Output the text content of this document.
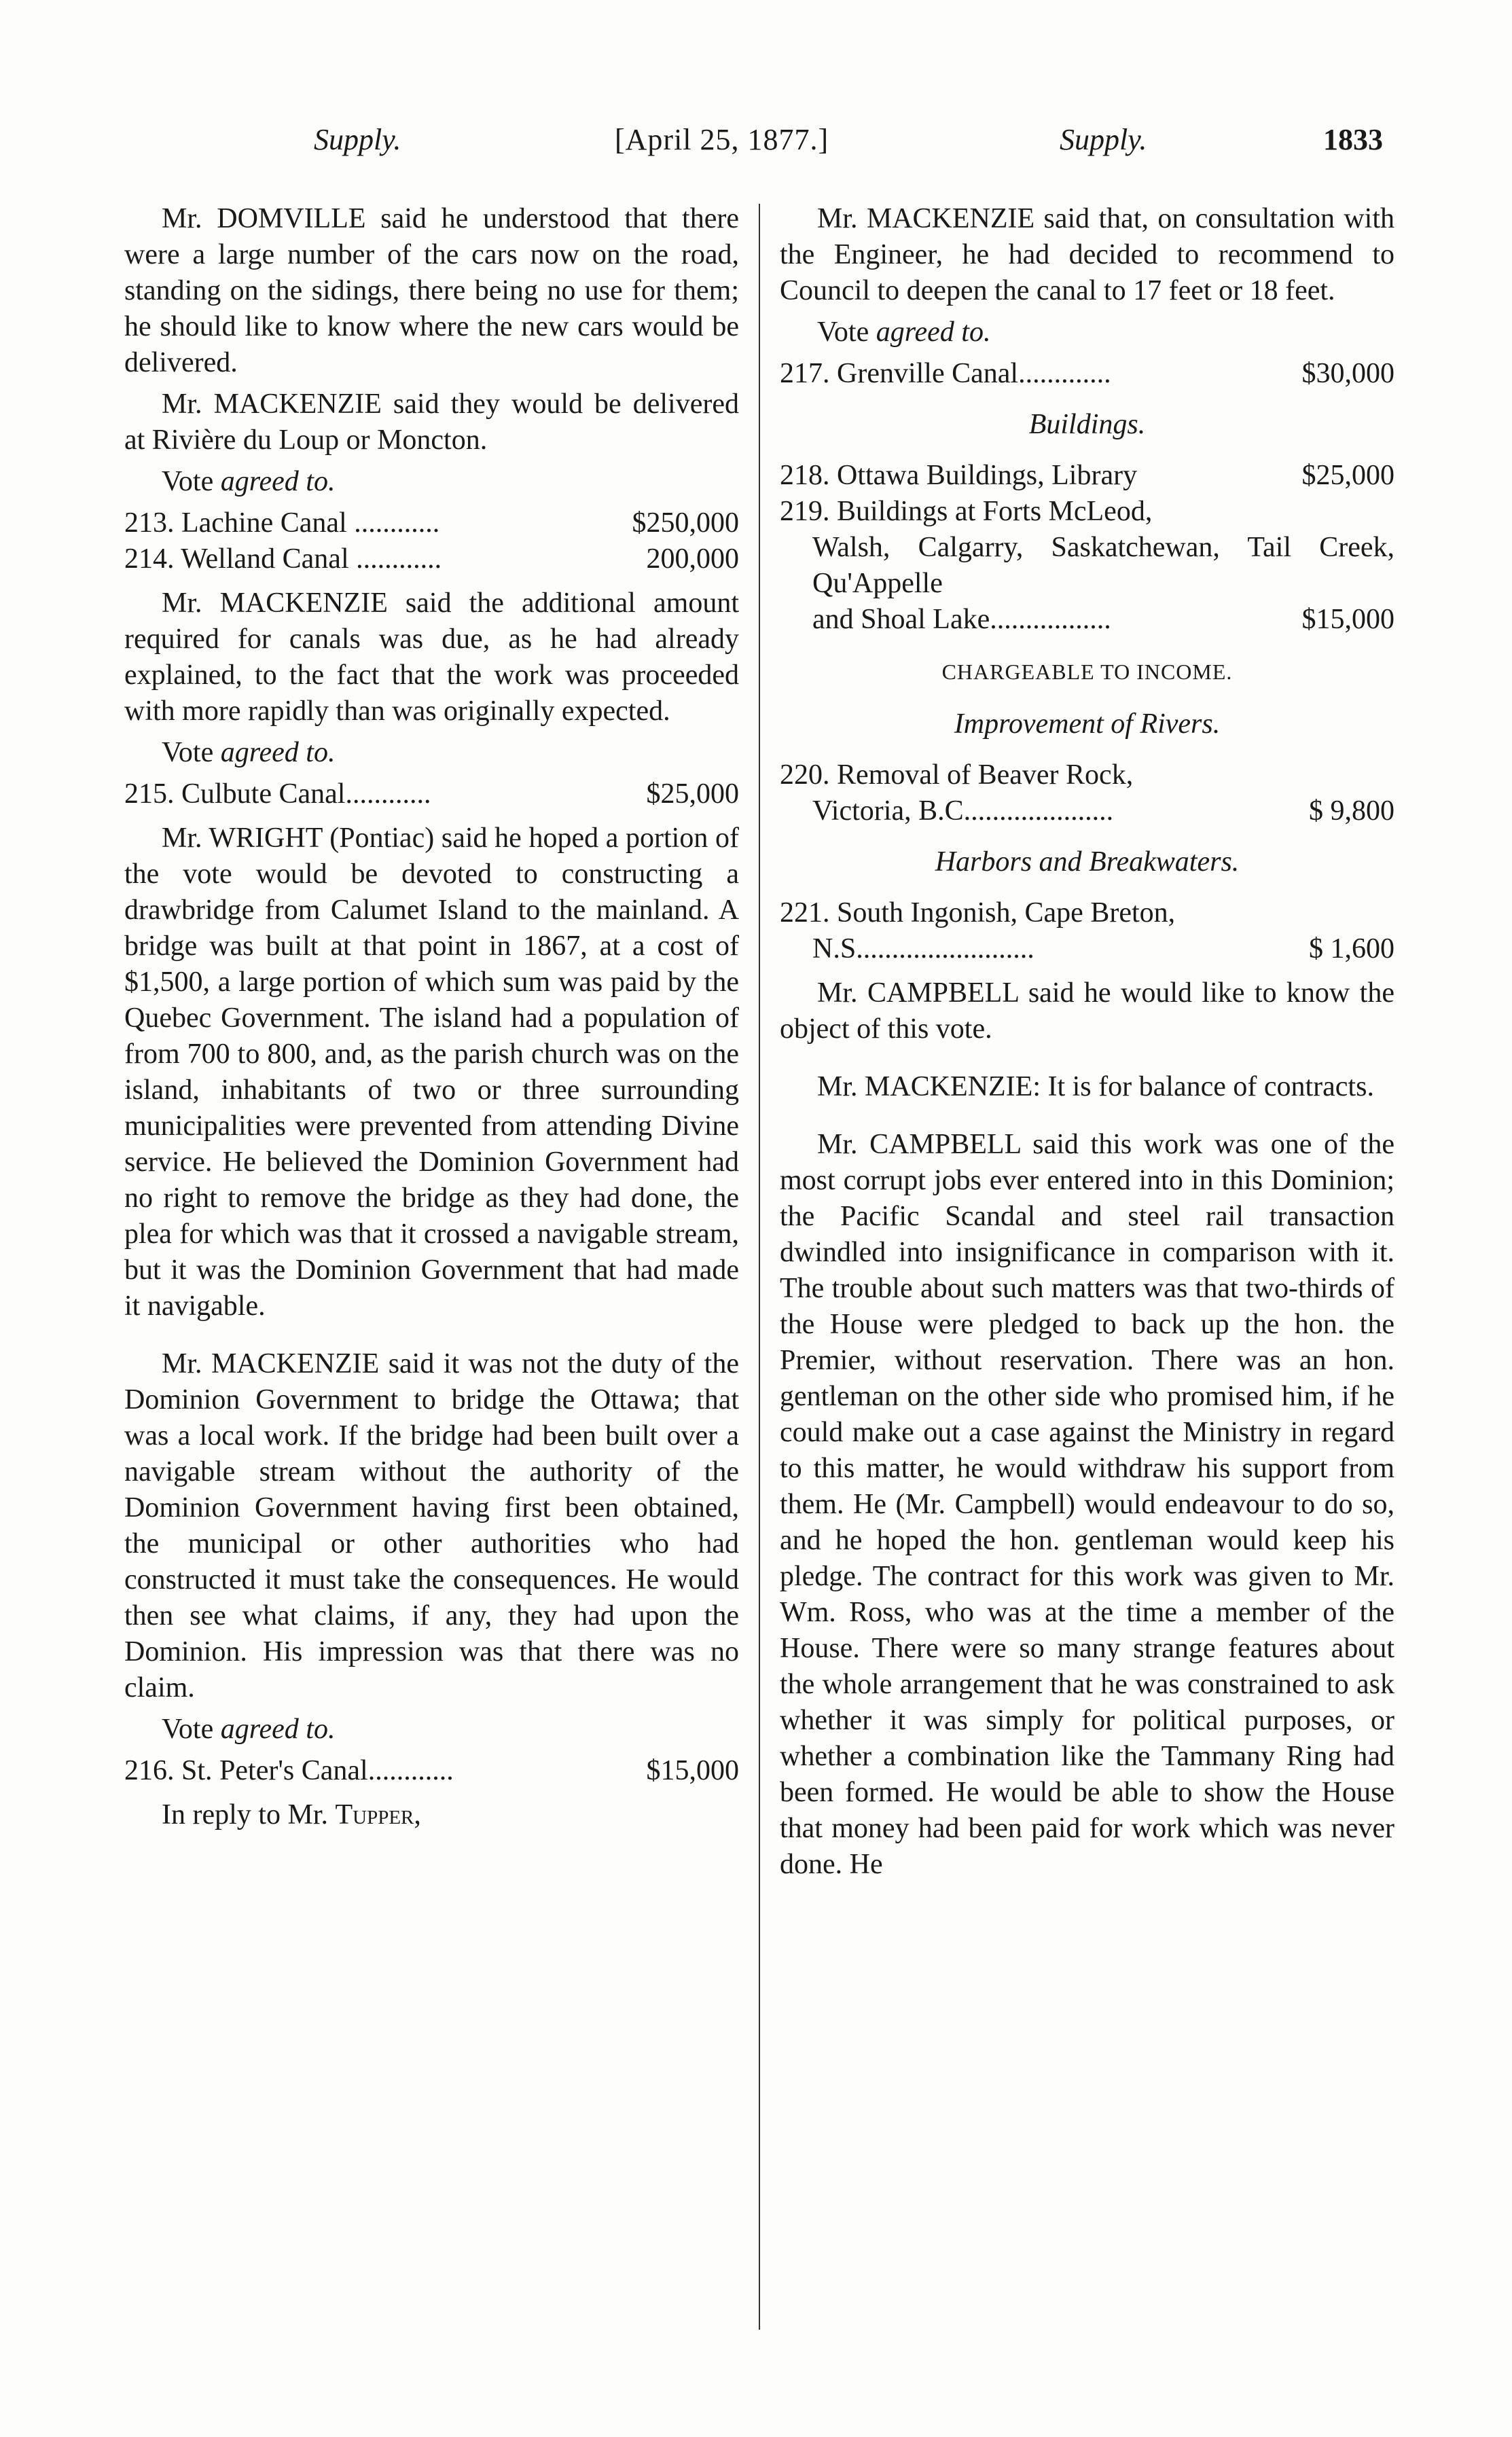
Supply.	[April 25, 1877.]	Supply.	1833

Mr. DOMVILLE said he understood that there were a large number of the cars now on the road, standing on the sidings, there being no use for them; he should like to know where the new cars would be delivered.

Mr. MACKENZIE said they would be delivered at Rivière du Loup or Moncton.

Vote agreed to.
213. Lachine Canal ............	$250,000
214. Welland Canal ............	200,000

Mr. MACKENZIE said the additional amount required for canals was due, as he had already explained, to the fact that the work was proceeded with more rapidly than was originally expected.

Vote agreed to.
215. Culbute Canal............	$25,000

Mr. WRIGHT (Pontiac) said he hoped a portion of the vote would be devoted to constructing a drawbridge from Calumet Island to the mainland. A bridge was built at that point in 1867, at a cost of $1,500, a large portion of which sum was paid by the Quebec Government. The island had a population of from 700 to 800, and, as the parish church was on the island, inhabitants of two or three surrounding municipalities were prevented from attending Divine service. He believed the Dominion Government had no right to remove the bridge as they had done, the plea for which was that it crossed a navigable stream, but it was the Dominion Government that had made it navigable.

Mr. MACKENZIE said it was not the duty of the Dominion Government to bridge the Ottawa; that was a local work. If the bridge had been built over a navigable stream without the authority of the Dominion Government having first been obtained, the municipal or other authorities who had constructed it must take the consequences. He would then see what claims, if any, they had upon the Dominion. His impression was that there was no claim.

Vote agreed to.
216. St. Peter's Canal............	$15,000

In reply to Mr. Tupper,

Mr. MACKENZIE said that, on consultation with the Engineer, he had decided to recommend to Council to deepen the canal to 17 feet or 18 feet.

Vote agreed to.
217. Grenville Canal.............	$30,000
Buildings.
218. Ottawa Buildings, Library	$25,000
219. Buildings at Forts McLeod,
Walsh, Calgarry, Saskatchewan, Tail Creek, Qu'Appelle
and Shoal Lake.................	$15,000
CHARGEABLE TO INCOME.
Improvement of Rivers.
220. Removal of Beaver Rock,
Victoria, B.C.....................	$ 9,800
Harbors and Breakwaters.
221. South Ingonish, Cape Breton,
N.S.........................	$ 1,600

Mr. CAMPBELL said he would like to know the object of this vote.

Mr. MACKENZIE: It is for balance of contracts.

Mr. CAMPBELL said this work was one of the most corrupt jobs ever entered into in this Dominion; the Pacific Scandal and steel rail transaction dwindled into insignificance in comparison with it. The trouble about such matters was that two-thirds of the House were pledged to back up the hon. the Premier, without reservation. There was an hon. gentleman on the other side who promised him, if he could make out a case against the Ministry in regard to this matter, he would withdraw his support from them. He (Mr. Campbell) would endeavour to do so, and he hoped the hon. gentleman would keep his pledge. The contract for this work was given to Mr. Wm. Ross, who was at the time a member of the House. There were so many strange features about the whole arrangement that he was constrained to ask whether it was simply for political purposes, or whether a combination like the Tammany Ring had been formed. He would be able to show the House that money had been paid for work which was never done. He
